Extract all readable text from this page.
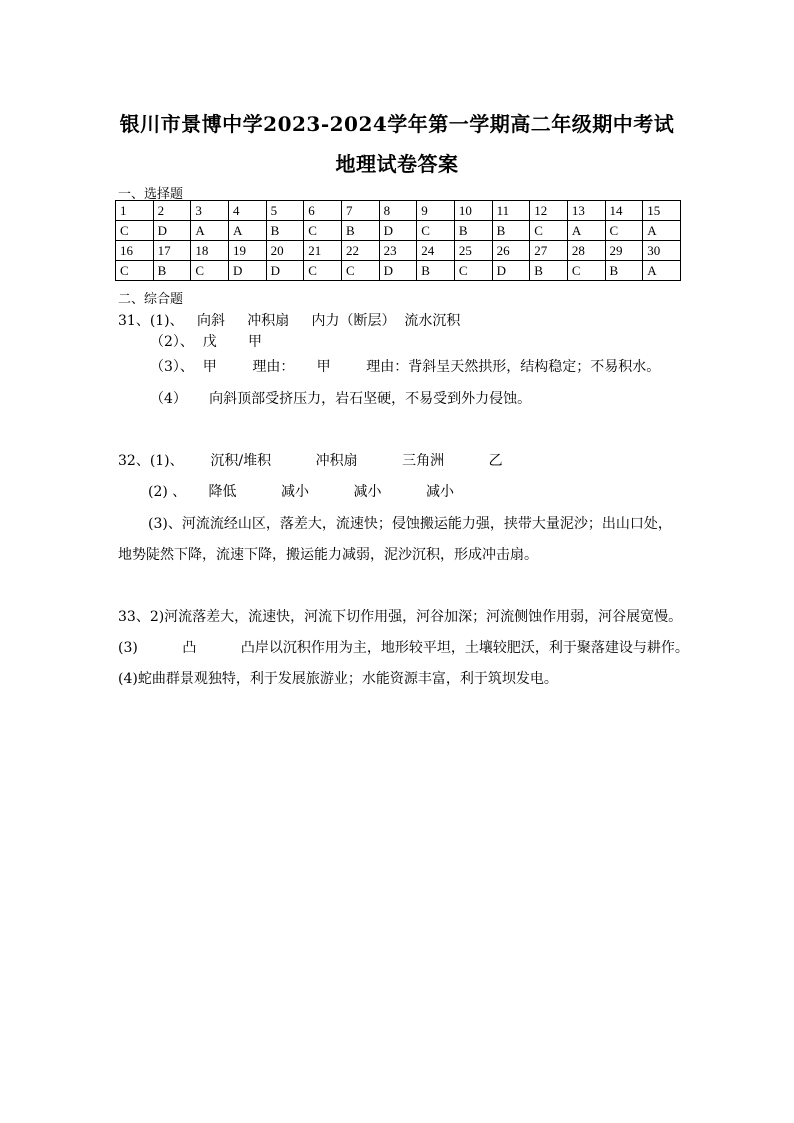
银川市景博中学2023-2024学年第一学期高二年级期中考试
地理试卷答案
一、选择题
1	2	3	4	5	6	7	8	9	10	11	12	13	14	15
C	D	A	A	B	C	B	D	C	B	B	C	A	C	A
16	17	18	19	20	21	22	23	24	25	26	27	28	29	30
C	B	C	D	D	C	C	D	B	C	D	B	C	B	A
二、综合题
31、(1)、   向斜     冲积扇     内力（断层）  流水沉积
（2）、  戊       甲
（3）、  甲        理由：     甲        理由：背斜呈天然拱形，结构稳定；不易积水。
（4）     向斜顶部受挤压力，岩石坚硬，不易受到外力侵蚀。
32、(1)、      沉积/堆积          冲积扇          三角洲          乙
(2) 、     降低          减小          减小          减小
(3)、河流流经山区，落差大，流速快；侵蚀搬运能力强，挟带大量泥沙；出山口处，
地势陡然下降，流速下降，搬运能力减弱，泥沙沉积，形成冲击扇。
33、2)河流落差大，流速快，河流下切作用强，河谷加深；河流侧蚀作用弱，河谷展宽慢。
(3)          凸          凸岸以沉积作用为主，地形较平坦，土壤较肥沃，利于聚落建设与耕作。
(4)蛇曲群景观独特，利于发展旅游业；水能资源丰富，利于筑坝发电。
